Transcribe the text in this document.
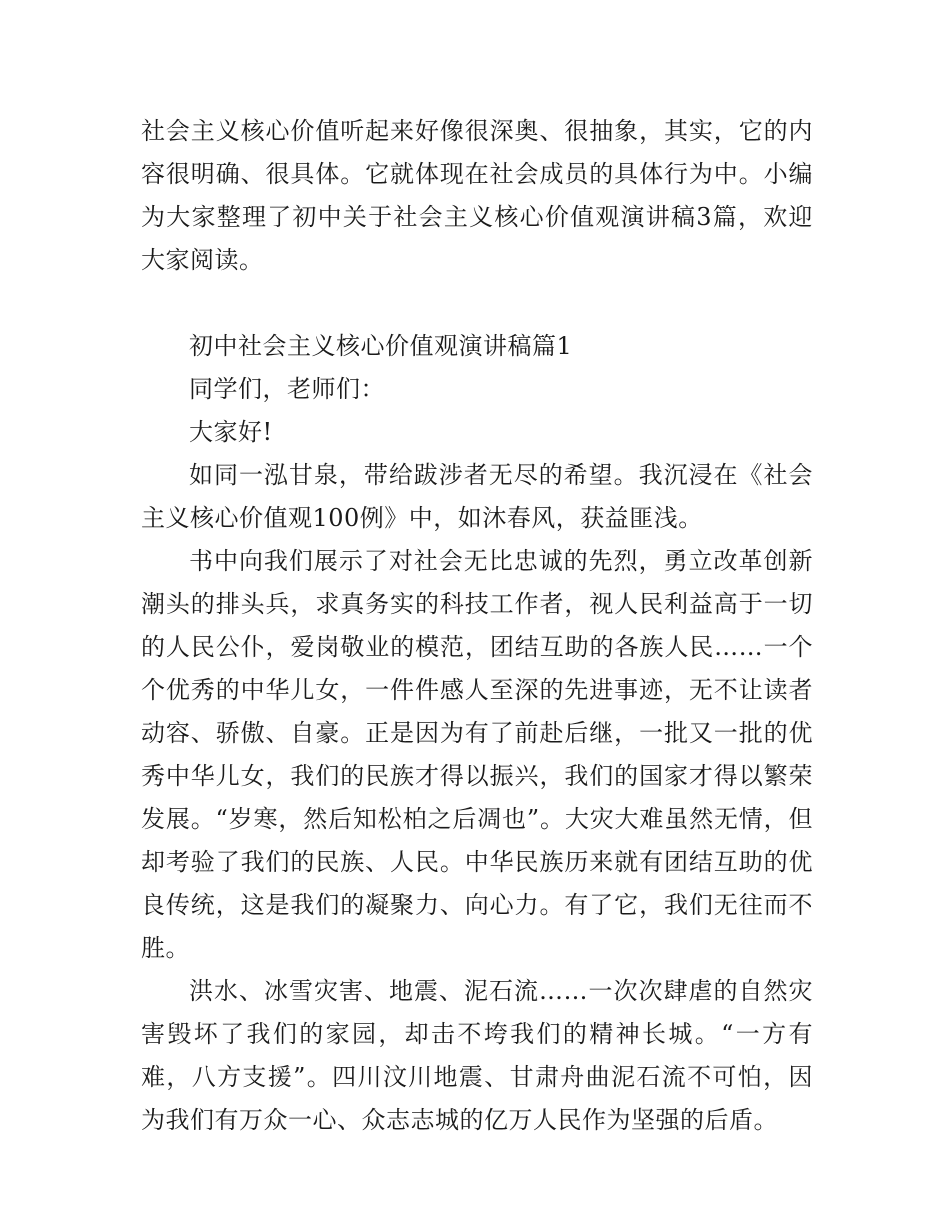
社会主义核心价值听起来好像很深奥、很抽象，其实，它的内容很明确、很具体。它就体现在社会成员的具体行为中。小编为大家整理了初中关于社会主义核心价值观演讲稿3篇，欢迎大家阅读。

初中社会主义核心价值观演讲稿篇1

同学们，老师们：

大家好!

如同一泓甘泉，带给跋涉者无尽的希望。我沉浸在《社会主义核心价值观100例》中，如沐春风，获益匪浅。

书中向我们展示了对社会无比忠诚的先烈，勇立改革创新潮头的排头兵，求真务实的科技工作者，视人民利益高于一切的人民公仆，爱岗敬业的模范，团结互助的各族人民……一个个优秀的中华儿女，一件件感人至深的先进事迹，无不让读者动容、骄傲、自豪。正是因为有了前赴后继，一批又一批的优秀中华儿女，我们的民族才得以振兴，我们的国家才得以繁荣发展。“岁寒，然后知松柏之后凋也”。大灾大难虽然无情，但却考验了我们的民族、人民。中华民族历来就有团结互助的优良传统，这是我们的凝聚力、向心力。有了它，我们无往而不胜。

洪水、冰雪灾害、地震、泥石流……一次次肆虐的自然灾害毁坏了我们的家园，却击不垮我们的精神长城。“一方有难，八方支援”。四川汶川地震、甘肃舟曲泥石流不可怕，因为我们有万众一心、众志志城的亿万人民作为坚强的后盾。
